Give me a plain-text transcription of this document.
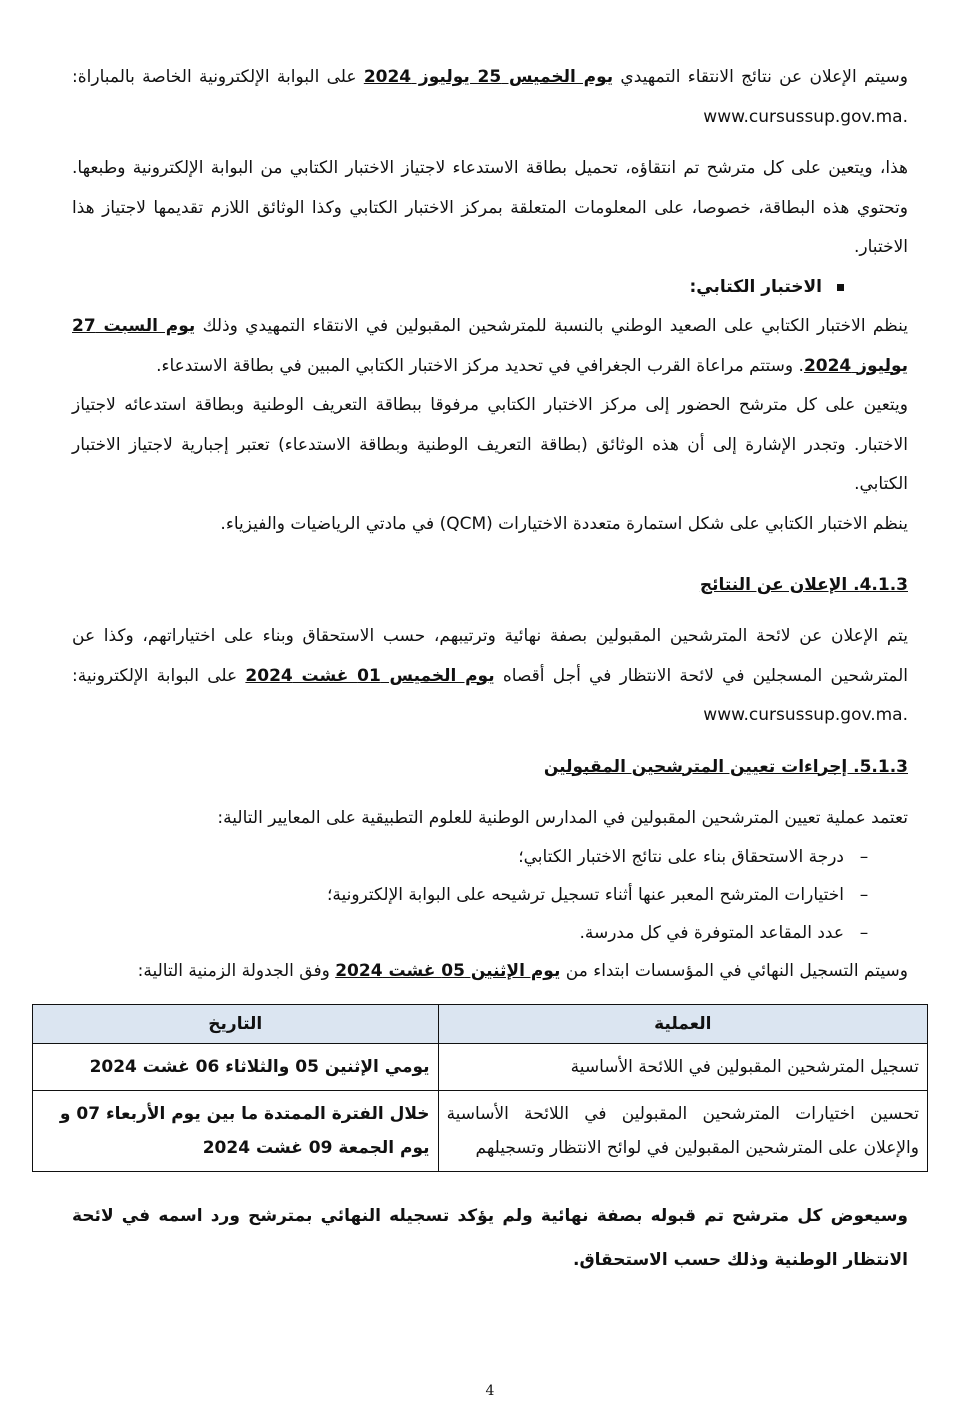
وسيتم الإعلان عن نتائج الانتقاء التمهيدي يوم الخميس 25 يوليوز 2024 على البوابة الإلكترونية الخاصة بالمباراة: www.cursussup.gov.ma.

هذا، ويتعين على كل مترشح تم انتقاؤه، تحميل بطاقة الاستدعاء لاجتياز الاختبار الكتابي من البوابة الإلكترونية وطبعها. وتحتوي هذه البطاقة، خصوصا، على المعلومات المتعلقة بمركز الاختبار الكتابي وكذا الوثائق اللازم تقديمها لاجتياز هذا الاختبار.

الاختبار الكتابي:

ينظم الاختبار الكتابي على الصعيد الوطني بالنسبة للمترشحين المقبولين في الانتقاء التمهيدي وذلك يوم السبت 27 يوليوز 2024. وستتم مراعاة القرب الجغرافي في تحديد مركز الاختبار الكتابي المبين في بطاقة الاستدعاء.

ويتعين على كل مترشح الحضور إلى مركز الاختبار الكتابي مرفوقا ببطاقة التعريف الوطنية وبطاقة استدعائه لاجتياز الاختبار. وتجدر الإشارة إلى أن هذه الوثائق (بطاقة التعريف الوطنية وبطاقة الاستدعاء) تعتبر إجبارية لاجتياز الاختبار الكتابي.

ينظم الاختبار الكتابي على شكل استمارة متعددة الاختيارات (QCM) في مادتي الرياضيات والفيزياء.

4.1.3. الإعلان عن النتائج

يتم الإعلان عن لائحة المترشحين المقبولين بصفة نهائية وترتيبهم، حسب الاستحقاق وبناء على اختياراتهم، وكذا عن المترشحين المسجلين في لائحة الانتظار في أجل أقصاه يوم الخميس 01 غشت 2024 على البوابة الإلكترونية: www.cursussup.gov.ma.

5.1.3. إجراءات تعيين المترشحين المقبولين

تعتمد عملية تعيين المترشحين المقبولين في المدارس الوطنية للعلوم التطبيقية على المعايير التالية:

–
درجة الاستحقاق بناء على نتائج الاختبار الكتابي؛
–
اختيارات المترشح المعبر عنها أثناء تسجيل ترشيحه على البوابة الإلكترونية؛
–
عدد المقاعد المتوفرة في كل مدرسة.

وسيتم التسجيل النهائي في المؤسسات ابتداء من يوم الإثنين 05 غشت 2024 وفق الجدولة الزمنية التالية:

العملية	التاريخ
تسجيل المترشحين المقبولين في اللائحة الأساسية	يومي الإثنين 05 والثلاثاء 06 غشت 2024
تحسين اختيارات المترشحين المقبولين في اللائحة الأساسية والإعلان على المترشحين المقبولين في لوائح الانتظار وتسجيلهم	خلال الفترة الممتدة ما بين يوم الأربعاء 07 و يوم الجمعة 09 غشت 2024

وسيعوض كل مترشح تم قبوله بصفة نهائية ولم يؤكد تسجيله النهائي بمترشح ورد اسمه في لائحة الانتظار الوطنية وذلك حسب الاستحقاق.

4
